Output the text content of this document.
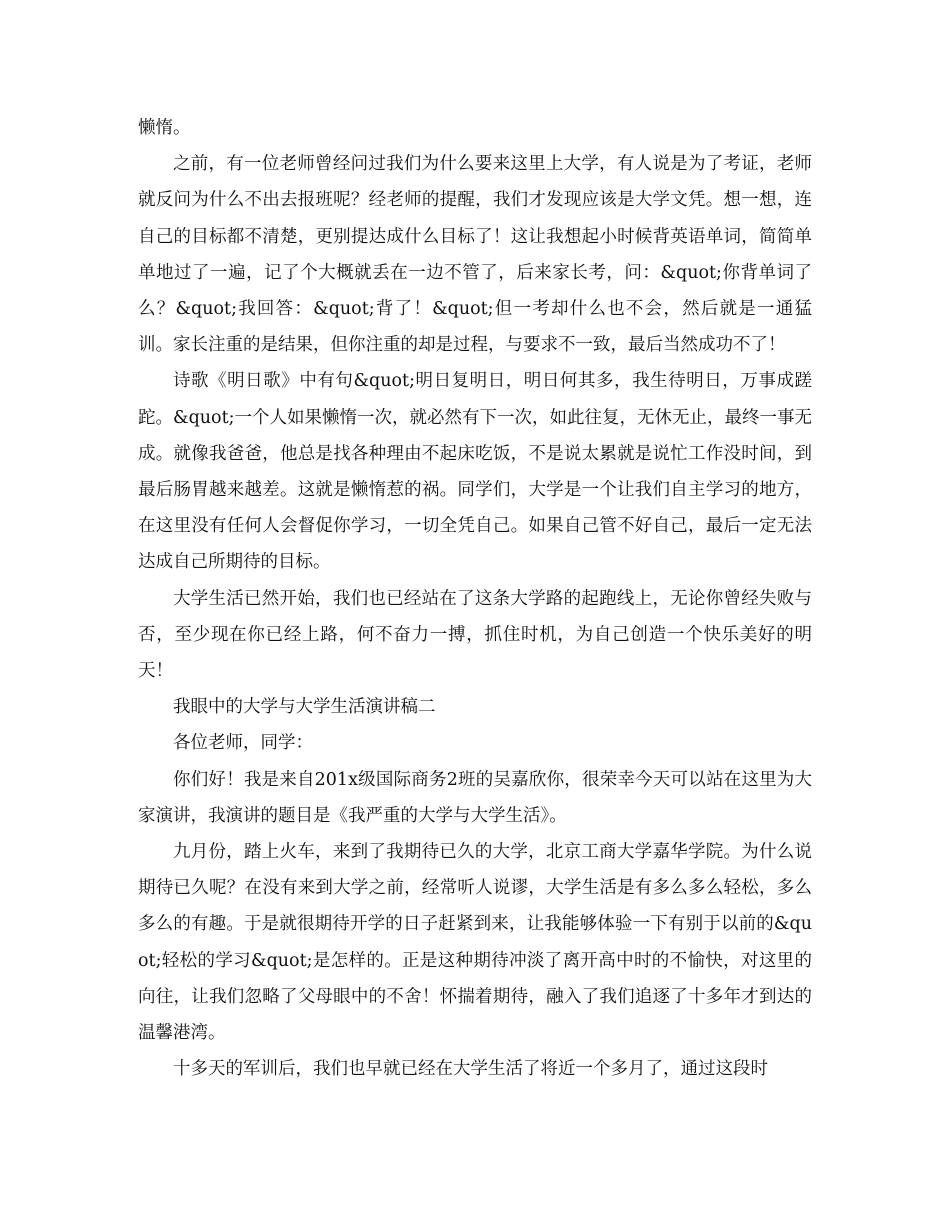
懒惰。

之前，有一位老师曾经问过我们为什么要来这里上大学，有人说是为了考证，老师就反问为什么不出去报班呢？经老师的提醒，我们才发现应该是大学文凭。想一想，连自己的目标都不清楚，更别提达成什么目标了！这让我想起小时候背英语单词，简简单单地过了一遍，记了个大概就丢在一边不管了，后来家长考，问：&quot;你背单词了么？&quot;我回答：&quot;背了！&quot;但一考却什么也不会，然后就是一通猛训。家长注重的是结果，但你注重的却是过程，与要求不一致，最后当然成功不了！

诗歌《明日歌》中有句&quot;明日复明日，明日何其多，我生待明日，万事成蹉跎。&quot;一个人如果懒惰一次，就必然有下一次，如此往复，无休无止，最终一事无成。就像我爸爸，他总是找各种理由不起床吃饭，不是说太累就是说忙工作没时间，到最后肠胃越来越差。这就是懒惰惹的祸。同学们，大学是一个让我们自主学习的地方，在这里没有任何人会督促你学习，一切全凭自己。如果自己管不好自己，最后一定无法达成自己所期待的目标。

大学生活已然开始，我们也已经站在了这条大学路的起跑线上，无论你曾经失败与否，至少现在你已经上路，何不奋力一搏，抓住时机，为自己创造一个快乐美好的明天！

我眼中的大学与大学生活演讲稿二

各位老师，同学：

你们好！我是来自201x级国际商务2班的吴嘉欣你，很荣幸今天可以站在这里为大家演讲，我演讲的题目是《我严重的大学与大学生活》。

九月份，踏上火车，来到了我期待已久的大学，北京工商大学嘉华学院。为什么说期待已久呢？在没有来到大学之前，经常听人说谬，大学生活是有多么多么轻松，多么多么的有趣。于是就很期待开学的日子赶紧到来，让我能够体验一下有别于以前的&quot;轻松的学习&quot;是怎样的。正是这种期待冲淡了离开高中时的不愉快，对这里的向往，让我们忽略了父母眼中的不舍！怀揣着期待，融入了我们追逐了十多年才到达的温馨港湾。

十多天的军训后，我们也早就已经在大学生活了将近一个多月了，通过这段时
